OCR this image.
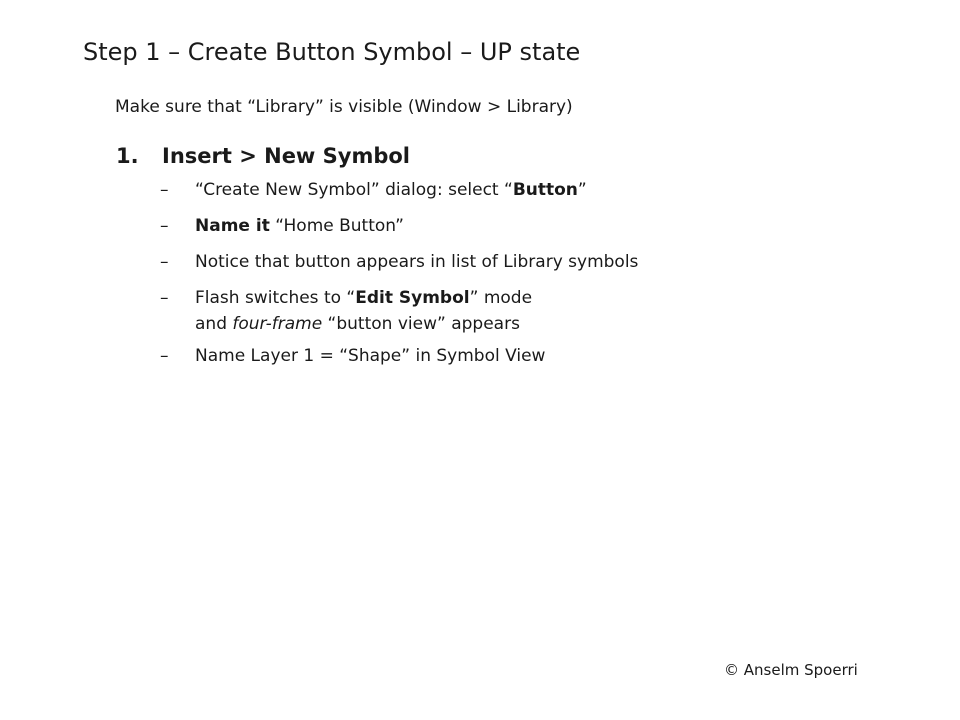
Step 1 – Create Button Symbol – UP state
Make sure that “Library” is visible (Window > Library)
1. Insert > New Symbol
– “Create New Symbol” dialog: select “Button”
– Name it “Home Button”
– Notice that button appears in list of Library symbols
– Flash switches to “Edit Symbol” mode
and four-frame “button view” appears
– Name Layer 1 = “Shape” in Symbol View
© Anselm Spoerri
